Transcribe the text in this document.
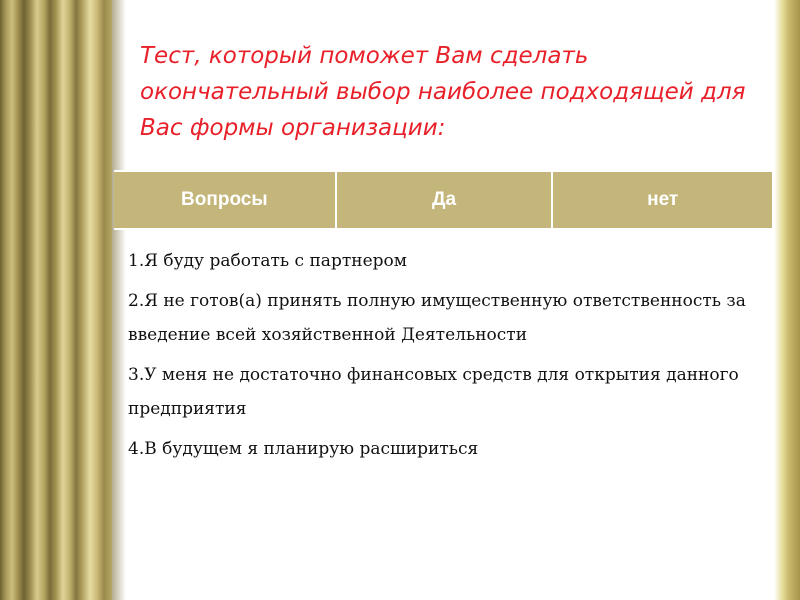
Тест, который поможет Вам сделать окончательный выбор наиболее подходящей для Вас формы организации:
Вопросы	Да	нет

1.Я буду работать с партнером

2.Я не готов(а) принять полную имущественную ответственность за введение всей хозяйственной Деятельности

3.У меня не достаточно финансовых средств для открытия данного предприятия

4.В будущем я планирую расшириться
